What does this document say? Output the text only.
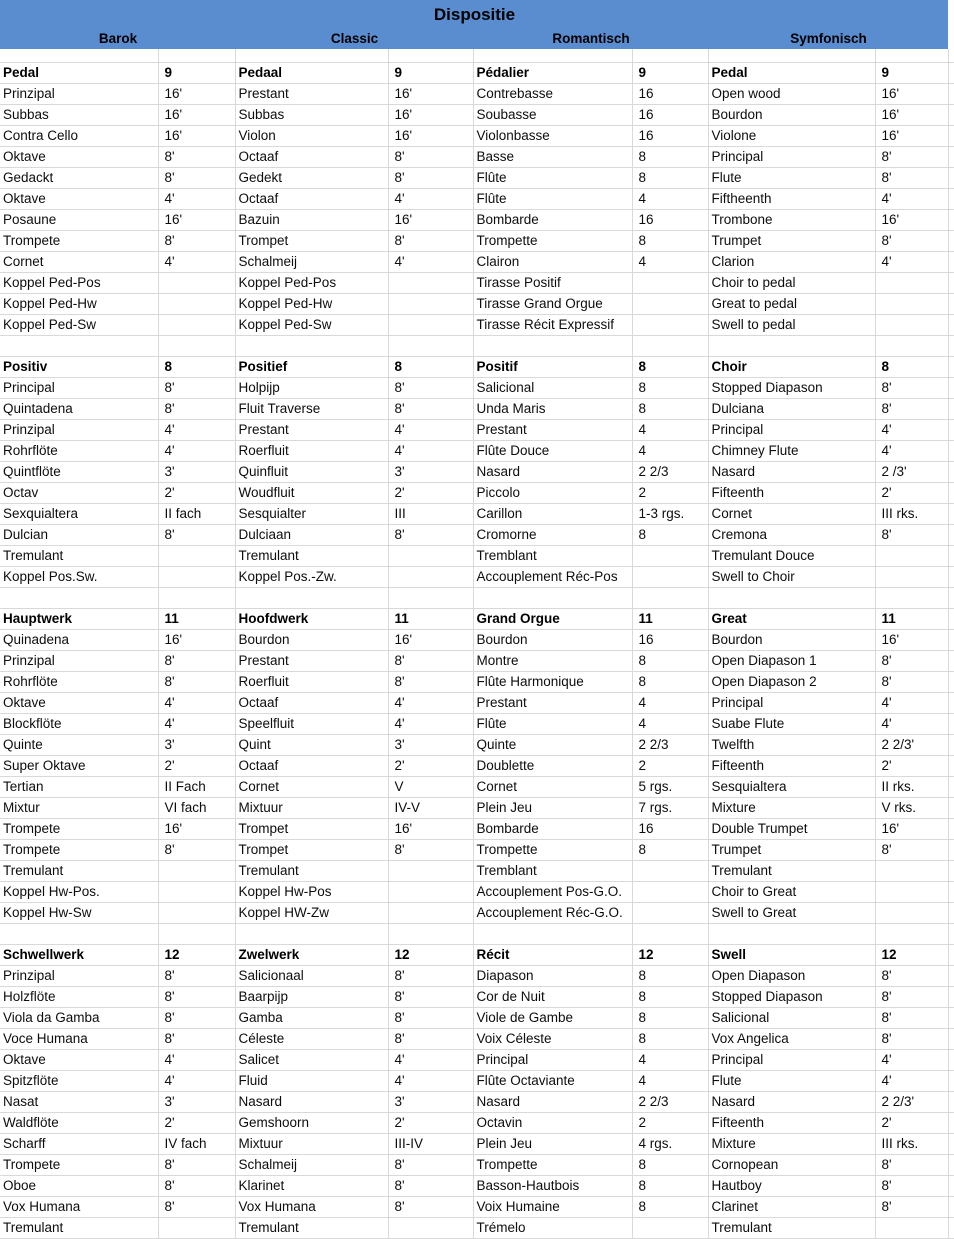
Dispositie								
Barok		Classic		Romantisch		Symfonisch		

Pedal	9	Pedaal	9	Pédalier	9	Pedal	9	
Prinzipal	16'	Prestant	16'	Contrebasse	16	Open wood	16'	
Subbas	16'	Subbas	16'	Soubasse	16	Bourdon	16'	
Contra Cello	16'	Violon	16'	Violonbasse	16	Violone	16'	
Oktave	8'	Octaaf	8'	Basse	8	Principal	8'	
Gedackt	8'	Gedekt	8'	Flûte	8	Flute	8'	
Oktave	4'	Octaaf	4'	Flûte	4	Fiftheenth	4'	
Posaune	16'	Bazuin	16'	Bombarde	16	Trombone	16'	
Trompete	8'	Trompet	8'	Trompette	8	Trumpet	8'	
Cornet	4'	Schalmeij	4'	Clairon	4	Clarion	4'	
Koppel Ped-Pos		Koppel Ped-Pos		Tirasse Positif		Choir to pedal		
Koppel Ped-Hw		Koppel Ped-Hw		Tirasse Grand Orgue		Great to pedal		
Koppel Ped-Sw		Koppel Ped-Sw		Tirasse Récit Expressif		Swell to pedal		

Positiv	8	Positief	8	Positif	8	Choir	8	
Principal	8'	Holpijp	8'	Salicional	8	Stopped Diapason	8'	
Quintadena	8'	Fluit Traverse	8'	Unda Maris	8	Dulciana	8'	
Prinzipal	4'	Prestant	4'	Prestant	4	Principal	4'	
Rohrflöte	4'	Roerfluit	4'	Flûte Douce	4	Chimney Flute	4'	
Quintflöte	3'	Quinfluit	3'	Nasard	2 2/3	Nasard	2 /3'	
Octav	2'	Woudfluit	2'	Piccolo	2	Fifteenth	2'	
Sexquialtera	II fach	Sesquialter	III	Carillon	1-3 rgs.	Cornet	III rks.	
Dulcian	8'	Dulciaan	8'	Cromorne	8	Cremona	8'	
Tremulant		Tremulant		Tremblant		Tremulant Douce		
Koppel Pos.Sw.		Koppel Pos.-Zw.		Accouplement Réc-Pos		Swell to Choir		

Hauptwerk	11	Hoofdwerk	11	Grand Orgue	11	Great	11	
Quinadena	16'	Bourdon	16'	Bourdon	16	Bourdon	16'	
Prinzipal	8'	Prestant	8'	Montre	8	Open Diapason 1	8'	
Rohrflöte	8'	Roerfluit	8'	Flûte Harmonique	8	Open Diapason 2	8'	
Oktave	4'	Octaaf	4'	Prestant	4	Principal	4'	
Blockflöte	4'	Speelfluit	4'	Flûte	4	Suabe Flute	4'	
Quinte	3'	Quint	3'	Quinte	2 2/3	Twelfth	2 2/3'	
Super Oktave	2'	Octaaf	2'	Doublette	2	Fifteenth	2'	
Tertian	II Fach	Cornet	V	Cornet	5 rgs.	Sesquialtera	II rks.	
Mixtur	VI fach	Mixtuur	IV-V	Plein Jeu	7 rgs.	Mixture	V rks.	
Trompete	16'	Trompet	16'	Bombarde	16	Double Trumpet	16'	
Trompete	8'	Trompet	8'	Trompette	8	Trumpet	8'	
Tremulant		Tremulant		Tremblant		Tremulant		
Koppel Hw-Pos.		Koppel Hw-Pos		Accouplement Pos-G.O.		Choir to Great		
Koppel Hw-Sw		Koppel HW-Zw		Accouplement Réc-G.O.		Swell to Great		

Schwellwerk	12	Zwelwerk	12	Récit	12	Swell	12	
Prinzipal	8'	Salicionaal	8'	Diapason	8	Open Diapason	8'	
Holzflöte	8'	Baarpijp	8'	Cor de Nuit	8	Stopped Diapason	8'	
Viola da Gamba	8'	Gamba	8'	Viole de Gambe	8	Salicional	8'	
Voce Humana	8'	Céleste	8'	Voix Céleste	8	Vox Angelica	8'	
Oktave	4'	Salicet	4'	Principal	4	Principal	4'	
Spitzflöte	4'	Fluid	4'	Flûte Octaviante	4	Flute	4'	
Nasat	3'	Nasard	3'	Nasard	2 2/3	Nasard	2 2/3'	
Waldflöte	2'	Gemshoorn	2'	Octavin	2	Fifteenth	2'	
Scharff	IV fach	Mixtuur	III-IV	Plein Jeu	4 rgs.	Mixture	III rks.	
Trompete	8'	Schalmeij	8'	Trompette	8	Cornopean	8'	
Oboe	8'	Klarinet	8'	Basson-Hautbois	8	Hautboy	8'	
Vox Humana	8'	Vox Humana	8'	Voix Humaine	8	Clarinet	8'	
Tremulant		Tremulant		Trémelo		Tremulant		
